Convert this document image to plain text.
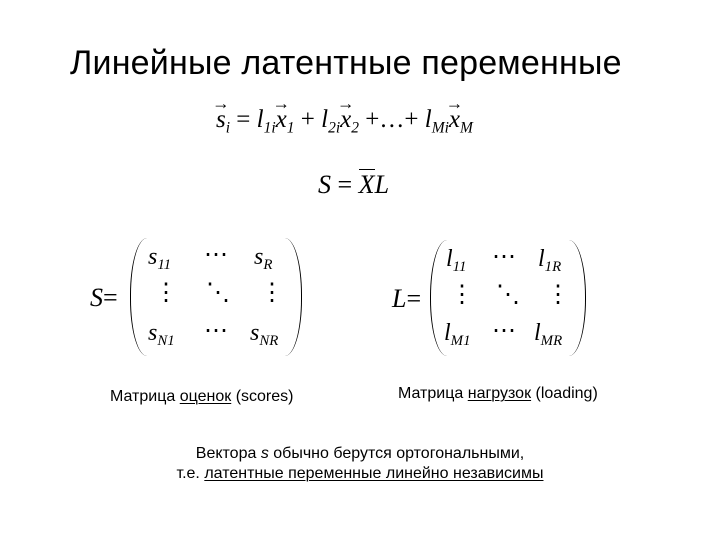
Линейные латентные переменные
→ $s_i = l_{1i}\to x_1 + l_{2i}\to x_2$ +…+ $l_{Mi}\to x_M$
S = XL
S=
$s_{11}$ ⋯ $s_R$
⋮ ⋱ ⋮
$s_{N1}$ ⋯ $s_{NR}$
L=
$l_{11}$ ⋯ $l_{1R}$
⋮ ⋱ ⋮
$l_{M1}$ ⋯ $l_{MR}$
Матрица оценок (scores)	Матрица нагрузок (loading)
Вектора s обычно берутся ортогональными,
т.е. латентные переменные линейно независимы
